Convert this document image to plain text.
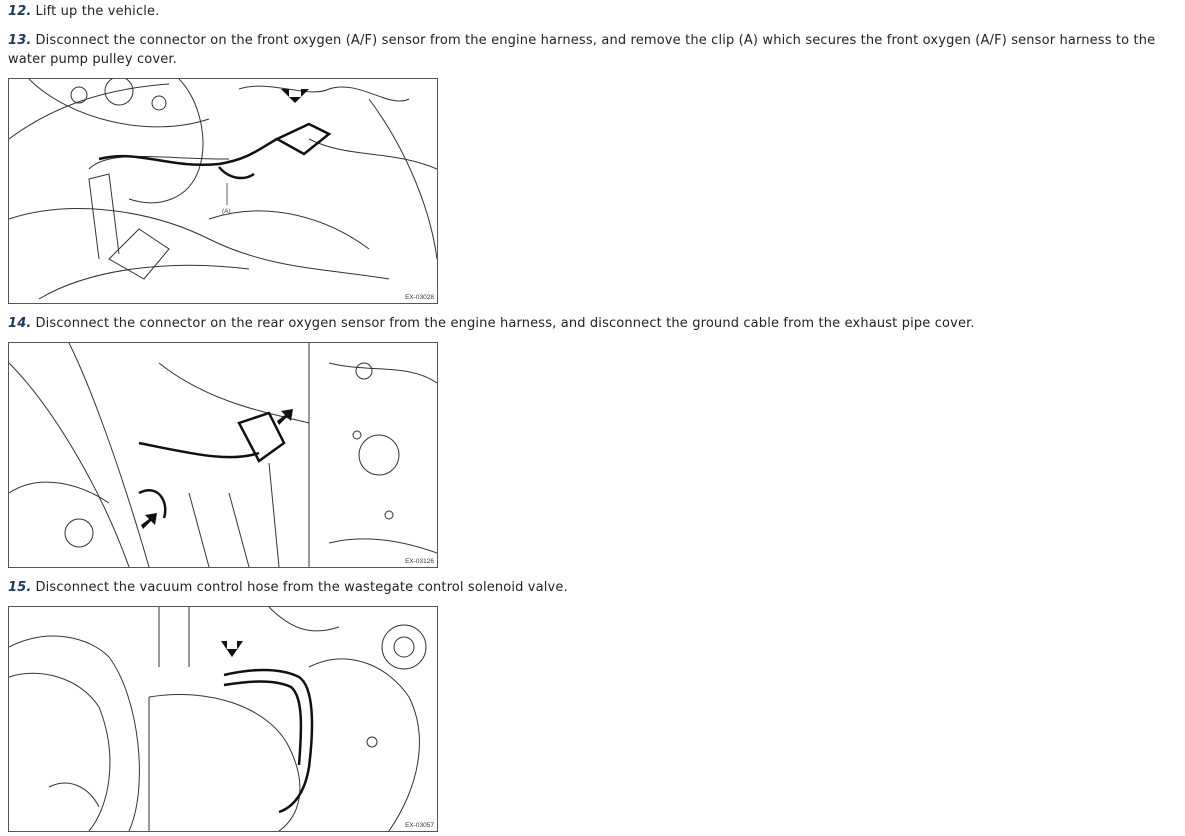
12. Lift up the vehicle.

13. Disconnect the connector on the front oxygen (A/F) sensor from the engine harness, and remove the clip (A) which secures the front oxygen (A/F) sensor harness to the water pump pulley cover.

(A)
EX-03028

14. Disconnect the connector on the rear oxygen sensor from the engine harness, and disconnect the ground cable from the exhaust pipe cover.

EX-03126

15. Disconnect the vacuum control hose from the wastegate control solenoid valve.

EX-03057
